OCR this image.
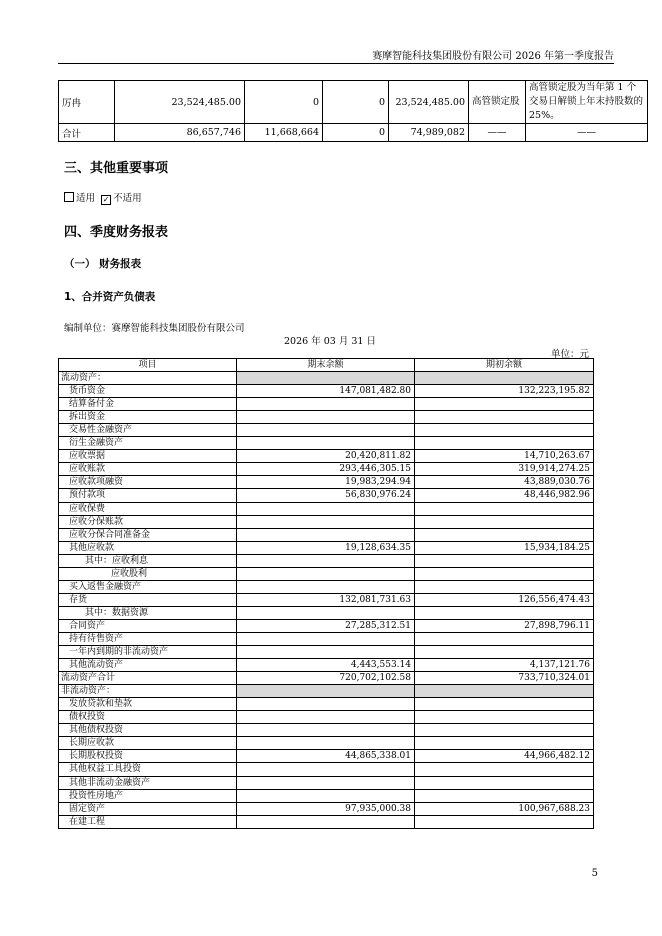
赛摩智能科技集团股份有限公司 2026 年第一季度报告
厉冉	23,524,485.00	0	0	23,524,485.00	高管锁定股	高管锁定股为当年第 1 个交易日解锁上年末持股数的 25%。
合计	86,657,746	11,668,664	0	74,989,082	——	——
三、其他重要事项
适用 ✓ 不适用
四、季度财务报表
（一） 财务报表
1、合并资产负债表
编制单位：赛摩智能科技集团股份有限公司
2026 年 03 月 31 日
单位：元
项目	期末余额	期初余额
流动资产：		
货币资金	147,081,482.80	132,223,195.82
结算备付金		
拆出资金		
交易性金融资产		
衍生金融资产		
应收票据	20,420,811.82	14,710,263.67
应收账款	293,446,305.15	319,914,274.25
应收款项融资	19,983,294.94	43,889,030.76
预付款项	56,830,976.24	48,446,982.96
应收保费		
应收分保账款		
应收分保合同准备金		
其他应收款	19,128,634.35	15,934,184.25
其中：应收利息		
应收股利		
买入返售金融资产		
存货	132,081,731.63	126,556,474.43
其中：数据资源		
合同资产	27,285,312.51	27,898,796.11
持有待售资产		
一年内到期的非流动资产		
其他流动资产	4,443,553.14	4,137,121.76
流动资产合计	720,702,102.58	733,710,324.01
非流动资产：		
发放贷款和垫款		
债权投资		
其他债权投资		
长期应收款		
长期股权投资	44,865,338.01	44,966,482.12
其他权益工具投资		
其他非流动金融资产		
投资性房地产		
固定资产	97,935,000.38	100,967,688.23
在建工程		
5
